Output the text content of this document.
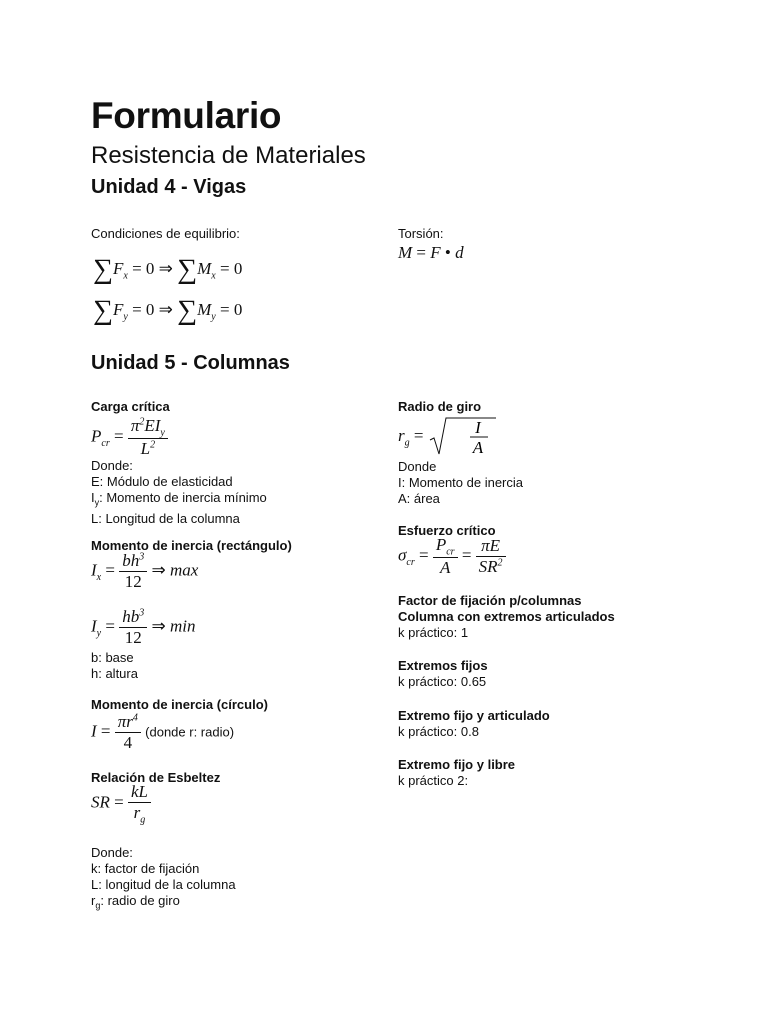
Formulario
Resistencia de Materiales
Unidad 4 - Vigas
Condiciones de equilibrio:
$\sum F_x = 0$ ⇒ $\sum M_x = 0$
$\sum F_y = 0$ ⇒ $\sum M_y = 0$
Torsión:
M = F • d
Unidad 5 - Columnas
Carga crítica
$P_{cr} = \frac{\pi^2EI_y}{L^2}$
Donde:
E: Módulo de elasticidad
$I_y$: Momento de inercia mínimo
L: Longitud de la columna
Momento de inercia (rectángulo)
$I_x = \frac{bh^3}{12}$ ⇒ max
$I_y = \frac{hb^3}{12}$ ⇒ min
b: base
h: altura
Momento de inercia (círculo)
$I = \frac{\pi r^4}{4}$ (donde r: radio)
Relación de Esbeltez
SR = $\frac{kL}{r_g}$
Donde:
k: factor de fijación
L: longitud de la columna
$r_g$: radio de giro
Radio de giro
$r_g$ =	I
A
Donde
I: Momento de inercia
A: área
Esfuerzo crítico
$\sigma_{cr} = \frac{P_{cr}}{A} = \frac{\pi E}{SR^2}$
Factor de fijación p/columnas
Columna con extremos articulados
k práctico: 1
Extremos fijos
k práctico: 0.65
Extremo fijo y articulado
k práctico: 0.8
Extremo fijo y libre
k práctico 2:
